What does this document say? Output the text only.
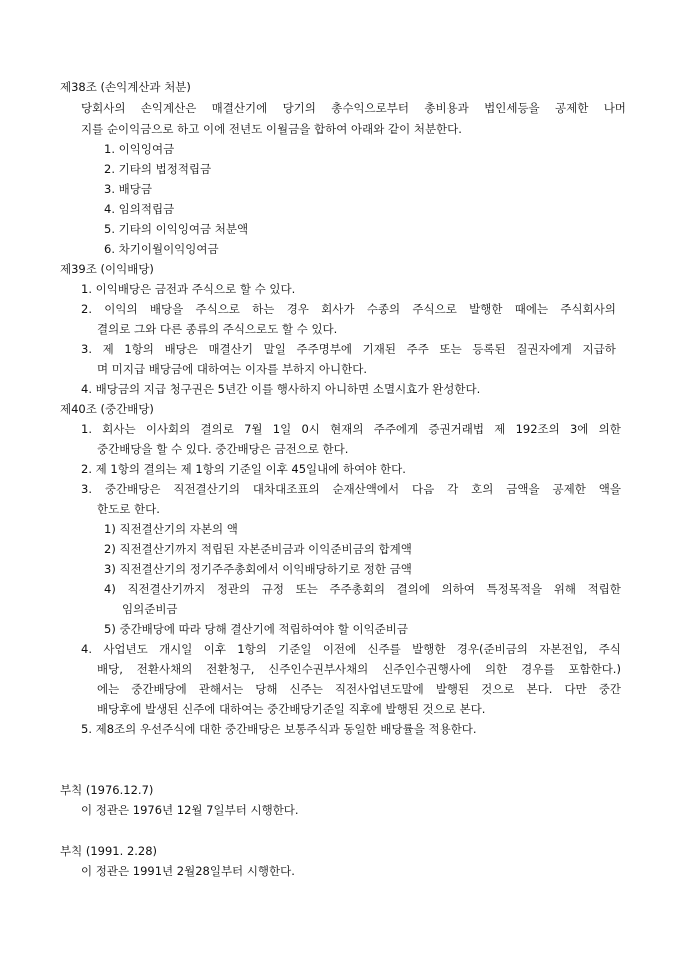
제38조 (손익계산과 처분)
당회사의 손익계산은 매결산기에 당기의 총수익으로부터 총비용과 법인세등을 공제한 나머
지를 순이익금으로 하고 이에 전년도 이월금을 합하여 아래와 같이 처분한다.
1. 이익잉여금
2. 기타의 법정적립금
3. 배당금
4. 임의적립금
5. 기타의 이익잉여금 처분액
6. 차기이월이익잉여금
제39조 (이익배당)
1. 이익배당은 금전과 주식으로 할 수 있다.
2. 이익의 배당을 주식으로 하는 경우 회사가 수종의 주식으로 발행한 때에는 주식회사의
결의로 그와 다른 종류의 주식으로도 할 수 있다.
3. 제 1항의 배당은 매결산기 말일 주주명부에 기재된 주주 또는 등록된 질권자에게 지급하
며 미지급 배당금에 대하여는 이자를 부하지 아니한다.
4. 배당금의 지급 청구권은 5년간 이를 행사하지 아니하면 소멸시효가 완성한다.
제40조 (중간배당)
1. 회사는 이사회의 결의로 7월 1일 0시 현재의 주주에게 증권거래법 제 192조의 3에 의한
중간배당을 할 수 있다. 중간배당은 금전으로 한다.
2. 제 1항의 결의는 제 1항의 기준일 이후 45일내에 하여야 한다.
3. 중간배당은 직전결산기의 대차대조표의 순재산액에서 다음 각 호의 금액을 공제한 액을
한도로 한다.
1) 직전결산기의 자본의 액
2) 직전결산기까지 적립된 자본준비금과 이익준비금의 합계액
3) 직전결산기의 정기주주총회에서 이익배당하기로 정한 금액
4) 직전결산기까지 정관의 규정 또는 주주총회의 결의에 의하여 특정목적을 위해 적립한
임의준비금
5) 중간배당에 따라 당해 결산기에 적립하여야 할 이익준비금
4. 사업년도 개시일 이후 1항의 기준일 이전에 신주를 발행한 경우(준비금의 자본전입, 주식
배당, 전환사채의 전환청구, 신주인수권부사채의 신주인수권행사에 의한 경우를 포함한다.)
에는 중간배당에 관해서는 당해 신주는 직전사업년도말에 발행된 것으로 본다. 다만 중간
배당후에 발생된 신주에 대하여는 중간배당기준일 직후에 발행된 것으로 본다.
5. 제8조의 우선주식에 대한 중간배당은 보통주식과 동일한 배당률을 적용한다.
부칙 (1976.12.7)
이 정관은 1976년 12월 7일부터 시행한다.
부칙 (1991. 2.28)
이 정관은 1991년 2월28일부터 시행한다.
